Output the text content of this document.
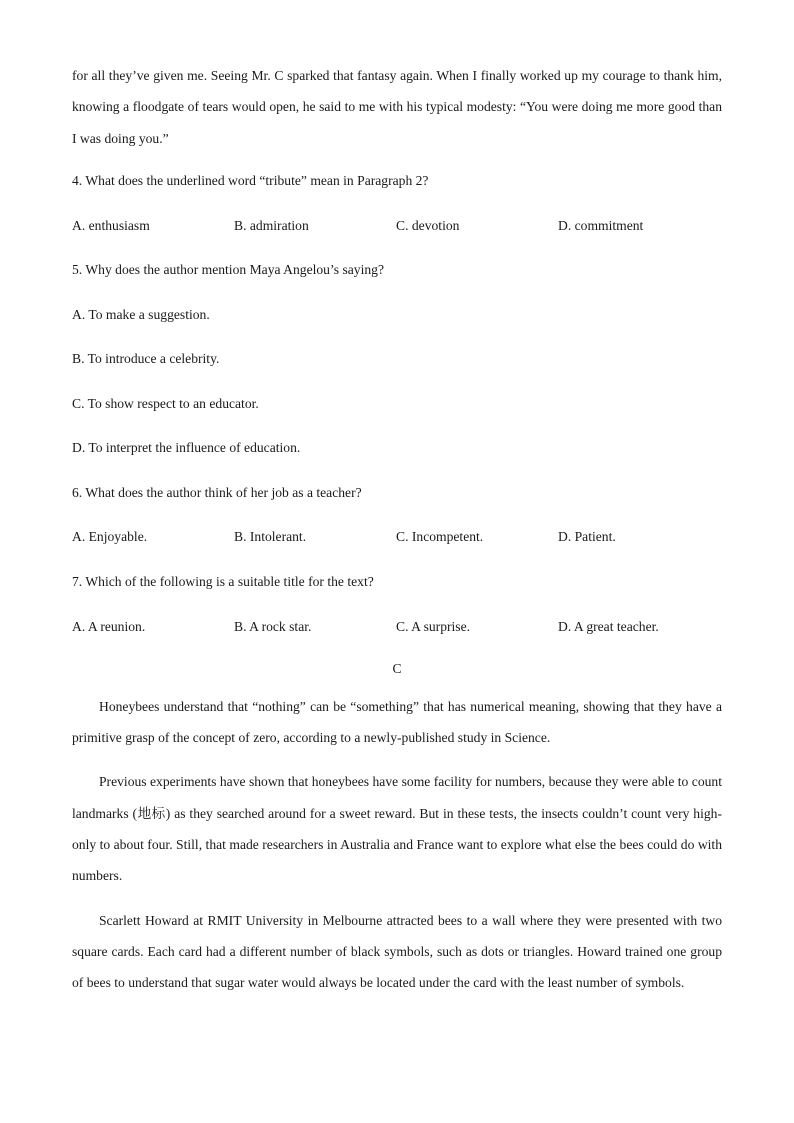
for all they’ve given me. Seeing Mr. C sparked that fantasy again. When I finally worked up my courage to thank him, knowing a floodgate of tears would open, he said to me with his typical modesty: “You were doing me more good than I was doing you.”

4. What does the underlined word “tribute” mean in Paragraph 2?

A. enthusiasm	B. admiration	C. devotion	D. commitment

5. Why does the author mention Maya Angelou’s saying?

A. To make a suggestion.

B. To introduce a celebrity.

C. To show respect to an educator.

D. To interpret the influence of education.

6. What does the author think of her job as a teacher?

A. Enjoyable.	B. Intolerant.	C. Incompetent.	D. Patient.

7. Which of the following is a suitable title for the text?

A. A reunion.	B. A rock star.	C. A surprise.	D. A great teacher.

C

Honeybees understand that “nothing” can be “something” that has numerical meaning, showing that they have a primitive grasp of the concept of zero, according to a newly-published study in Science.

Previous experiments have shown that honeybees have some facility for numbers, because they were able to count landmarks (地标) as they searched around for a sweet reward. But in these tests, the insects couldn’t count very high-only to about four. Still, that made researchers in Australia and France want to explore what else the bees could do with numbers.

Scarlett Howard at RMIT University in Melbourne attracted bees to a wall where they were presented with two square cards. Each card had a different number of black symbols, such as dots or triangles. Howard trained one group of bees to understand that sugar water would always be located under the card with the least number of symbols.
